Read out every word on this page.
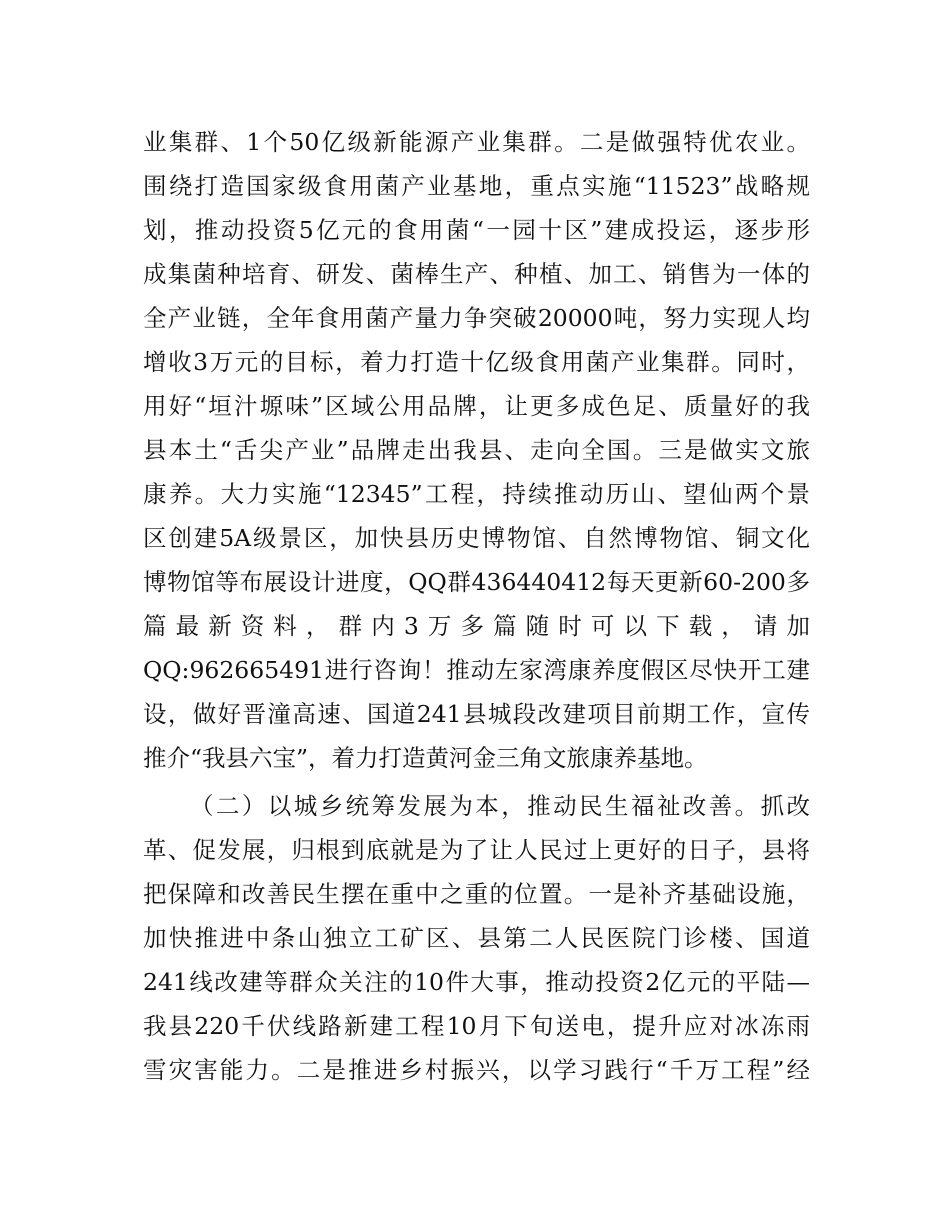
业集群、1个50亿级新能源产业集群。二是做强特优农业。
围绕打造国家级食用菌产业基地，重点实施“11523”战略规
划，推动投资5亿元的食用菌“一园十区”建成投运，逐步形
成集菌种培育、研发、菌棒生产、种植、加工、销售为一体的
全产业链，全年食用菌产量力争突破20000吨，努力实现人均
增收3万元的目标，着力打造十亿级食用菌产业集群。同时，
用好“垣汁塬味”区域公用品牌，让更多成色足、质量好的我
县本土“舌尖产业”品牌走出我县、走向全国。三是做实文旅
康养。大力实施“12345”工程，持续推动历山、望仙两个景
区创建5A级景区，加快县历史博物馆、自然博物馆、铜文化
博物馆等布展设计进度，QQ群436440412每天更新60-200多
篇最新资料，群内3万多篇随时可以下载，请加
QQ:962665491进行咨询！推动左家湾康养度假区尽快开工建
设，做好晋潼高速、国道241县城段改建项目前期工作，宣传
推介“我县六宝”，着力打造黄河金三角文旅康养基地。
（二）以城乡统筹发展为本，推动民生福祉改善。抓改
革、促发展，归根到底就是为了让人民过上更好的日子，县将
把保障和改善民生摆在重中之重的位置。一是补齐基础设施，
加快推进中条山独立工矿区、县第二人民医院门诊楼、国道
241线改建等群众关注的10件大事，推动投资2亿元的平陆—
我县220千伏线路新建工程10月下旬送电，提升应对冰冻雨
雪灾害能力。二是推进乡村振兴，以学习践行“千万工程”经
